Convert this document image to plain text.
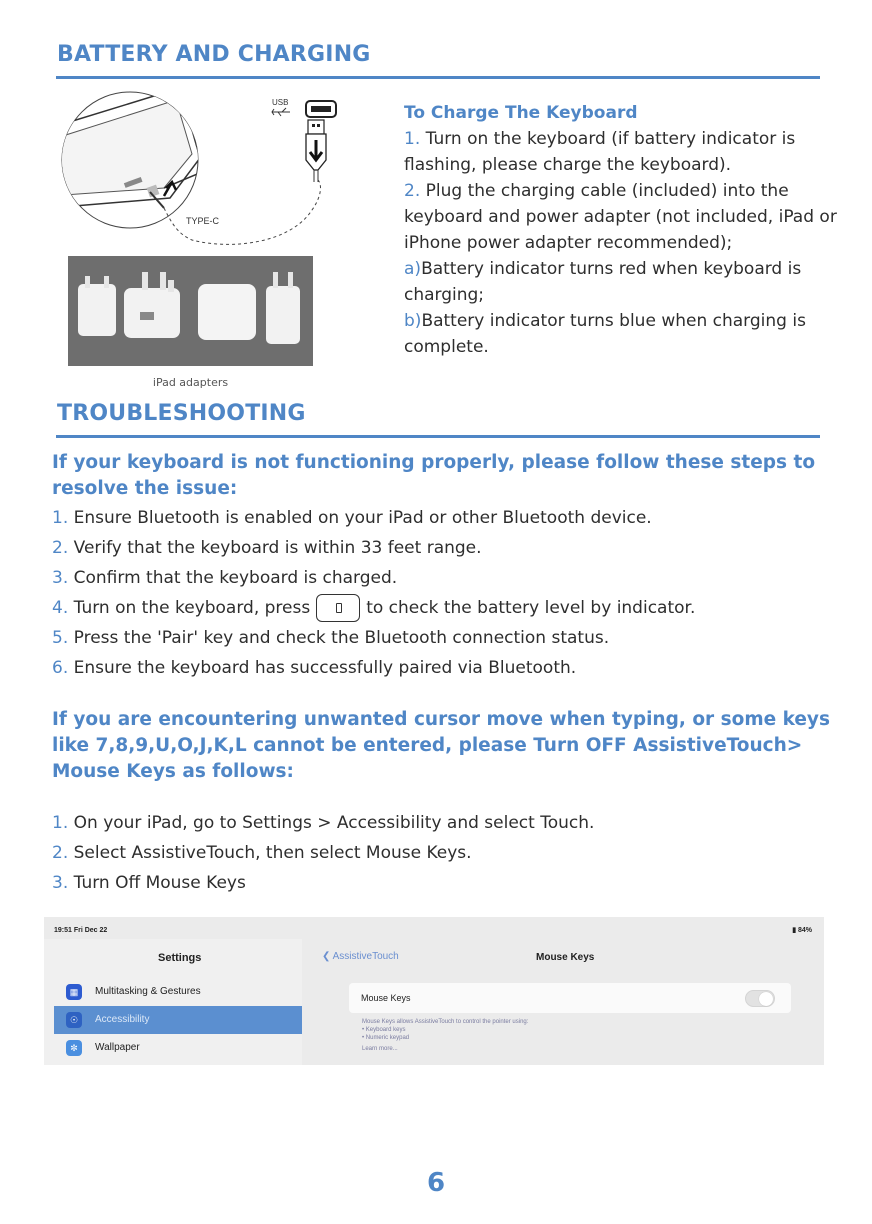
BATTERY AND CHARGING
TYPE-C
USB
iPad adapters
To Charge The Keyboard
1. Turn on the keyboard (if battery indicator is flashing, please charge the keyboard).
2. Plug the charging cable (included) into the keyboard and power adapter (not included, iPad or iPhone power adapter recommended);
a)Battery indicator turns red when keyboard is charging;
b)Battery indicator turns blue when charging is complete.
TROUBLESHOOTING
If your keyboard is not functioning properly, please follow these steps to resolve the issue:
1. Ensure Bluetooth is enabled on your iPad or other Bluetooth device.
2. Verify that the keyboard is within 33 feet range.
3. Confirm that the keyboard is charged.
4. Turn on the keyboard, press	to check the battery level by indicator.
5. Press the 'Pair' key and check the Bluetooth connection status.
6. Ensure the keyboard has successfully paired via Bluetooth.
If you are encountering unwanted cursor move when typing, or some keys like 7,8,9,U,O,J,K,L cannot be entered, please Turn OFF AssistiveTouch> Mouse Keys as follows:
1. On your iPad, go to Settings > Accessibility and select Touch.
2. Select AssistiveTouch, then select Mouse Keys.
3. Turn Off Mouse Keys
19:51 Fri Dec 22	▮ 84%
Settings
▦	Multitasking & Gestures
☉	Accessibility
✼	Wallpaper
❮ AssistiveTouch	Mouse Keys
Mouse Keys
Mouse Keys allows AssistiveTouch to control the pointer using:
• Keyboard keys
• Numeric keypad
Learn more...
6
